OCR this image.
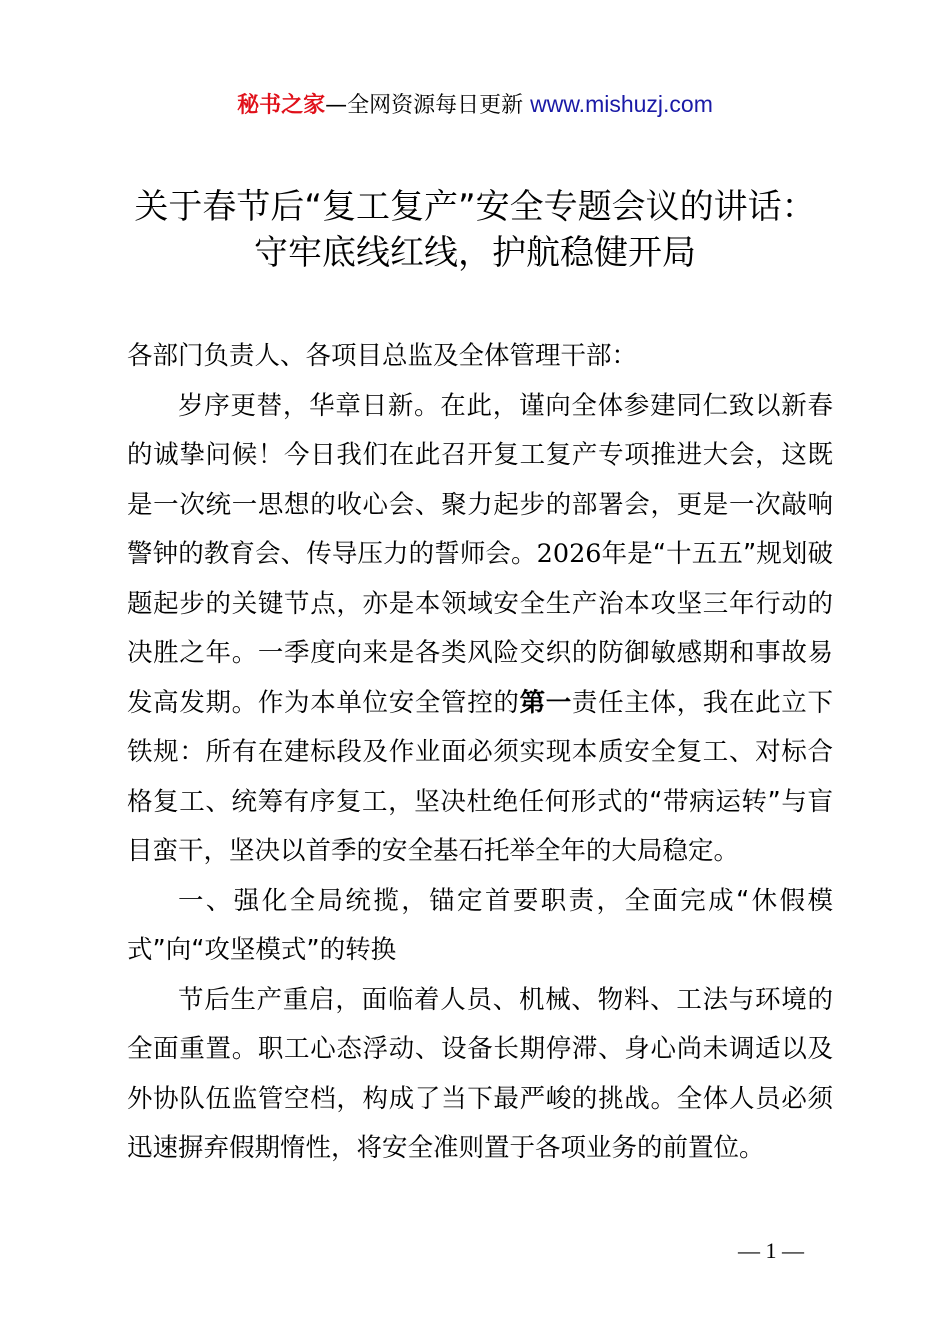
秘书之家—全网资源每日更新 www.mishuzj.com
关于春节后“复工复产”安全专题会议的讲话：
守牢底线红线，护航稳健开局

各部门负责人、各项目总监及全体管理干部：

岁序更替，华章日新。在此，谨向全体参建同仁致以新春的诚挚问候！今日我们在此召开复工复产专项推进大会，这既是一次统一思想的收心会、聚力起步的部署会，更是一次敲响警钟的教育会、传导压力的誓师会。2026年是“十五五”规划破题起步的关键节点，亦是本领域安全生产治本攻坚三年行动的决胜之年。一季度向来是各类风险交织的防御敏感期和事故易发高发期。作为本单位安全管控的第一责任主体，我在此立下铁规：所有在建标段及作业面必须实现本质安全复工、对标合格复工、统筹有序复工，坚决杜绝任何形式的“带病运转”与盲目蛮干，坚决以首季的安全基石托举全年的大局稳定。

一、强化全局统揽，锚定首要职责，全面完成“休假模式”向“攻坚模式”的转换

节后生产重启，面临着人员、机械、物料、工法与环境的全面重置。职工心态浮动、设备长期停滞、身心尚未调适以及外协队伍监管空档，构成了当下最严峻的挑战。全体人员必须迅速摒弃假期惰性，将安全准则置于各项业务的前置位。

— 1 —
